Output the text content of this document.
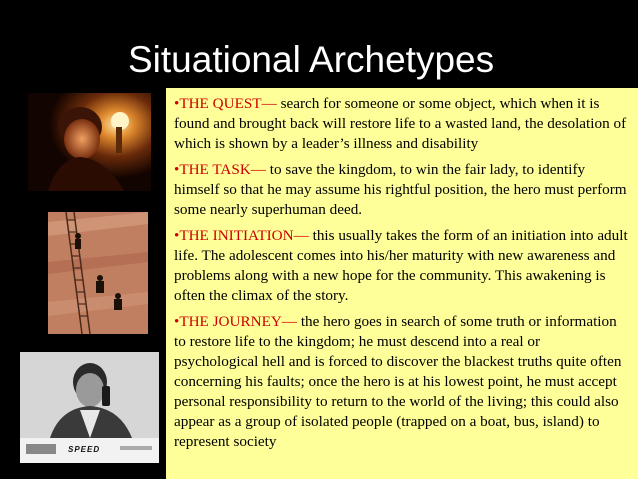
Situational Archetypes
SPEED
•THE QUEST— search for someone or some object, which when it is found and brought back will restore life to a wasted land, the desolation of which is shown by a leader’s illness and disability
•THE TASK— to save the kingdom, to win the fair lady, to identify himself so that he may assume his rightful position, the hero must perform some nearly superhuman deed.
•THE INITIATION— this usually takes the form of an initiation into adult life. The adolescent comes into his/her maturity with new awareness and problems along with a new hope for the community. This awakening is often the climax of the story.
•THE JOURNEY— the hero goes in search of some truth or information to restore life to the kingdom; he must descend into a real or psychological hell and is forced to discover the blackest truths quite often concerning his faults; once the hero is at his lowest point, he must accept personal responsibility to return to the world of the living; this could also appear as a group of isolated people (trapped on a boat, bus, island) to represent society
